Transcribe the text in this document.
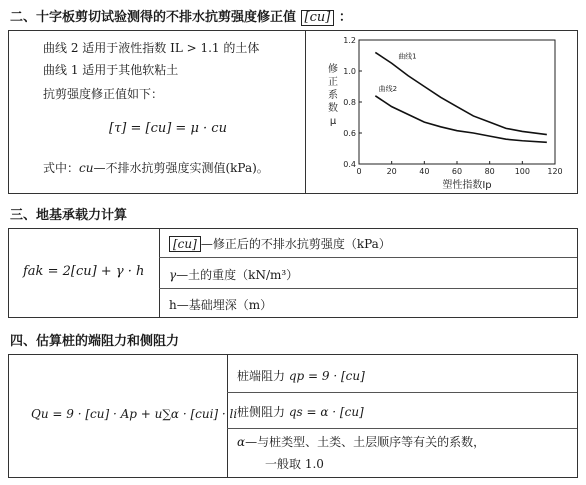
二、十字板剪切试验测得的不排水抗剪强度修正值 [cu] ：
曲线 2 适用于液性指数 IL > 1.1 的土体
曲线 1 适用于其他软粘土
抗剪强度修正值如下：
[τ] = [cu] = μ · cu
式中：cu—不排水抗剪强度实测值(kPa)。	0	20	40	60	80 100 120
0.4
0.6
0.8
1.0
1.2
塑性指数Ip
修正系数 μ
曲线1
曲线2
三、地基承载力计算
fak = 2[cu] + γ · h
[cu] —修正后的不排水抗剪强度（kPa）
γ—土的重度（kN/m³）
h—基础埋深（m）
四、估算桩的端阻力和侧阻力
Qu = 9 · [cu] · Ap + u∑α · [cui] · li
桩端阻力 qp = 9 · [cu]
桩侧阻力 qs = α · [cu]
α—与桩类型、土类、土层顺序等有关的系数，
一般取 1.0
